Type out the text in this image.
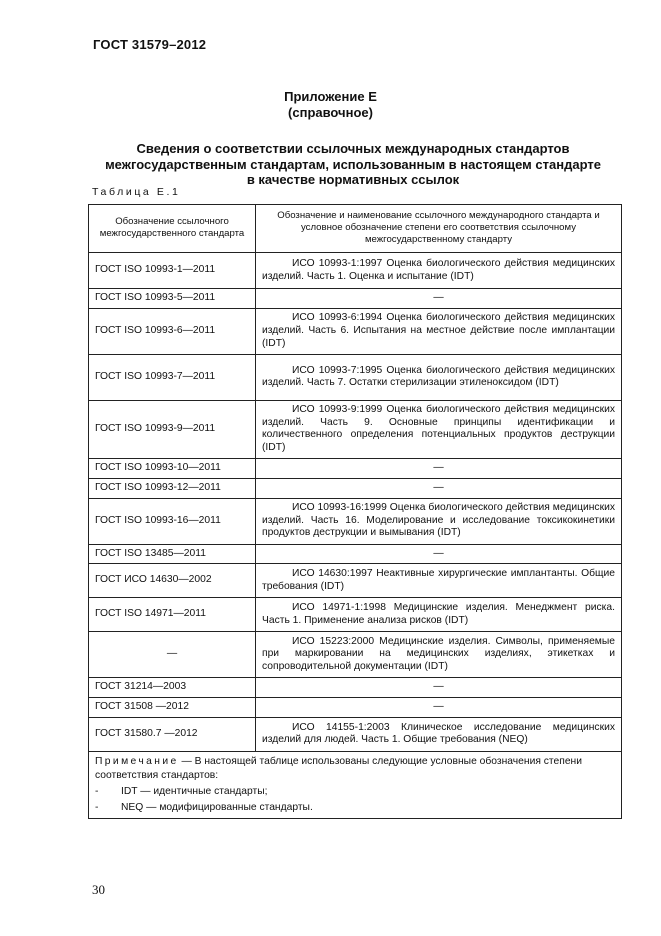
ГОСТ 31579–2012
Приложение Е
(справочное)
Сведения о соответствии ссылочных международных стандартов межгосударственным стандартам, использованным в настоящем стандарте в качестве нормативных ссылок
Таблица Е.1
Обозначение ссылочного межгосударственного стандарта	Обозначение и наименование ссылочного международного стандарта и условное обозначение степени его соответствия ссылочному межгосударственному стандарту
ГОСТ ISO 10993-1—2011	ИСО 10993-1:1997 Оценка биологического действия медицинских изделий. Часть 1. Оценка и испытание (IDT)
ГОСТ ISO 10993-5—2011	—
ГОСТ ISO 10993-6—2011	ИСО 10993-6:1994 Оценка биологического действия медицинских изделий. Часть 6. Испытания на местное действие после имплантации (IDT)
ГОСТ ISO 10993-7—2011	ИСО 10993-7:1995 Оценка биологического действия медицинских изделий. Часть 7. Остатки стерилизации этиленоксидом (IDT)
ГОСТ ISO 10993-9—2011	ИСО 10993-9:1999 Оценка биологического действия медицинских изделий. Часть 9. Основные принципы идентификации и количественного определения потенциальных продуктов деструкции (IDT)
ГОСТ ISO 10993-10—2011	—
ГОСТ ISO 10993-12—2011	—
ГОСТ ISO 10993-16—2011	ИСО 10993-16:1999 Оценка биологического действия медицинских изделий. Часть 16. Моделирование и исследование токсикокинетики продуктов деструкции и вымывания (IDT)
ГОСТ ISO 13485—2011	—
ГОСТ ИСО 14630—2002	ИСО 14630:1997 Неактивные хирургические имплантанты. Общие требования (IDT)
ГОСТ ISO 14971—2011	ИСО 14971-1:1998 Медицинские изделия. Менеджмент риска. Часть 1. Применение анализа рисков (IDT)
—	ИСО 15223:2000 Медицинские изделия. Символы, применяемые при маркировании на медицинских изделиях, этикетках и сопроводительной документации (IDT)
ГОСТ 31214—2003	—
ГОСТ 31508 —2012	—
ГОСТ 31580.7 —2012	ИСО 14155-1:2003 Клиническое исследование медицинских изделий для людей. Часть 1. Общие требования (NEQ)

Примечание — В настоящей таблице использованы следующие условные обозначения степени соответствия стандартов:
- IDT — идентичные стандарты;
- NEQ — модифицированные стандарты.	
30
